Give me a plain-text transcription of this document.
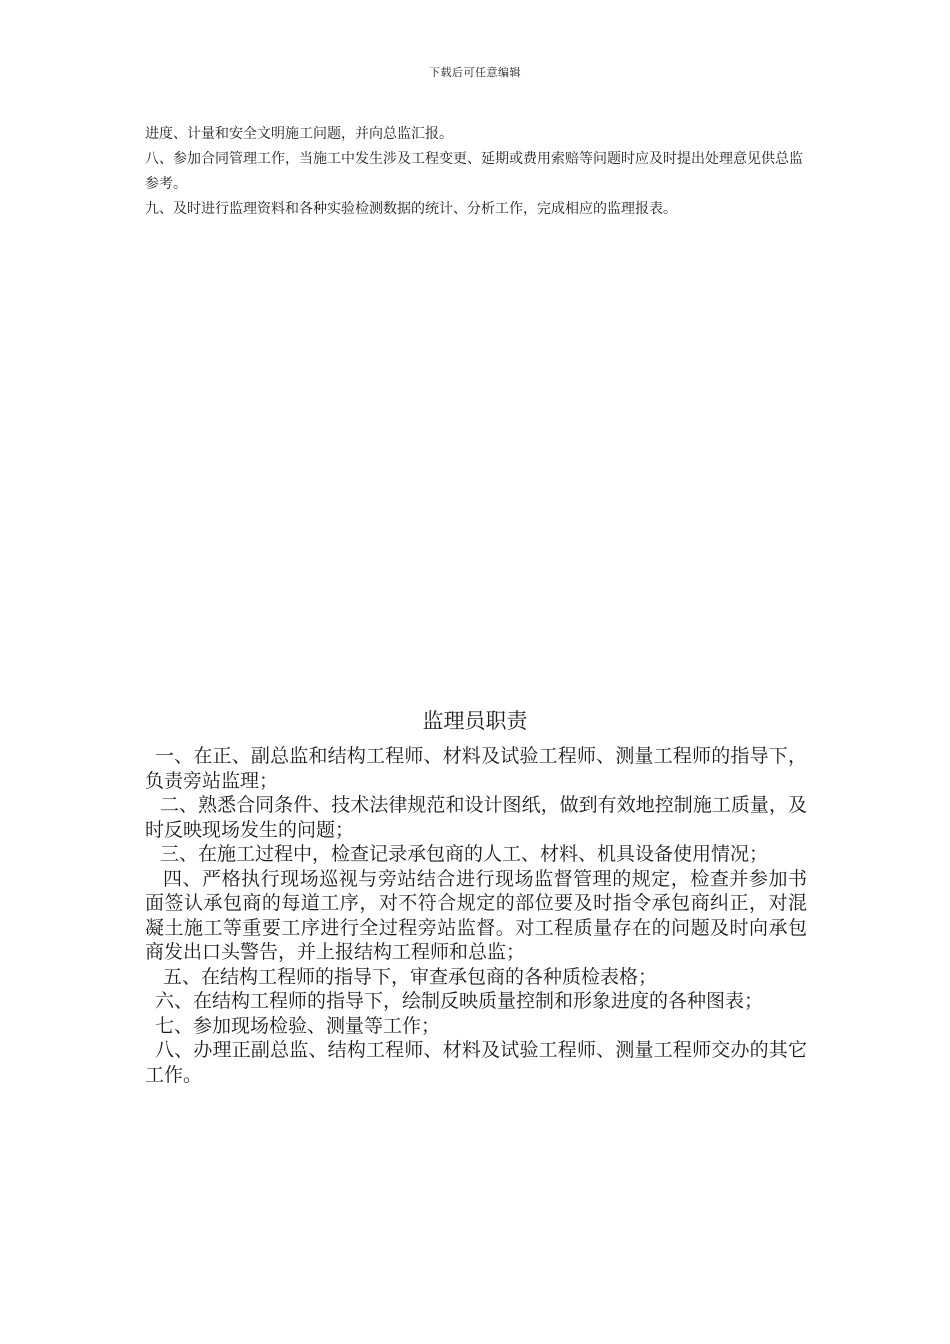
下载后可任意编辑

进度、计量和安全文明施工问题，并向总监汇报。

八、参加合同管理工作，当施工中发生涉及工程变更、延期或费用索赔等问题时应及时提出处理意见供总监参考。

九、及时进行监理资料和各种实验检测数据的统计、分析工作，完成相应的监理报表。

监理员职责

一、在正、副总监和结构工程师、材料及试验工程师、测量工程师的指导下，负责旁站监理；

二、熟悉合同条件、技术法律规范和设计图纸，做到有效地控制施工质量，及时反映现场发生的问题；

三、在施工过程中，检查记录承包商的人工、材料、机具设备使用情况；

四、严格执行现场巡视与旁站结合进行现场监督管理的规定，检查并参加书面签认承包商的每道工序，对不符合规定的部位要及时指令承包商纠正，对混凝土施工等重要工序进行全过程旁站监督。对工程质量存在的问题及时向承包商发出口头警告，并上报结构工程师和总监；

五、在结构工程师的指导下，审查承包商的各种质检表格；

六、在结构工程师的指导下，绘制反映质量控制和形象进度的各种图表；

七、参加现场检验、测量等工作；

八、办理正副总监、结构工程师、材料及试验工程师、测量工程师交办的其它工作。
